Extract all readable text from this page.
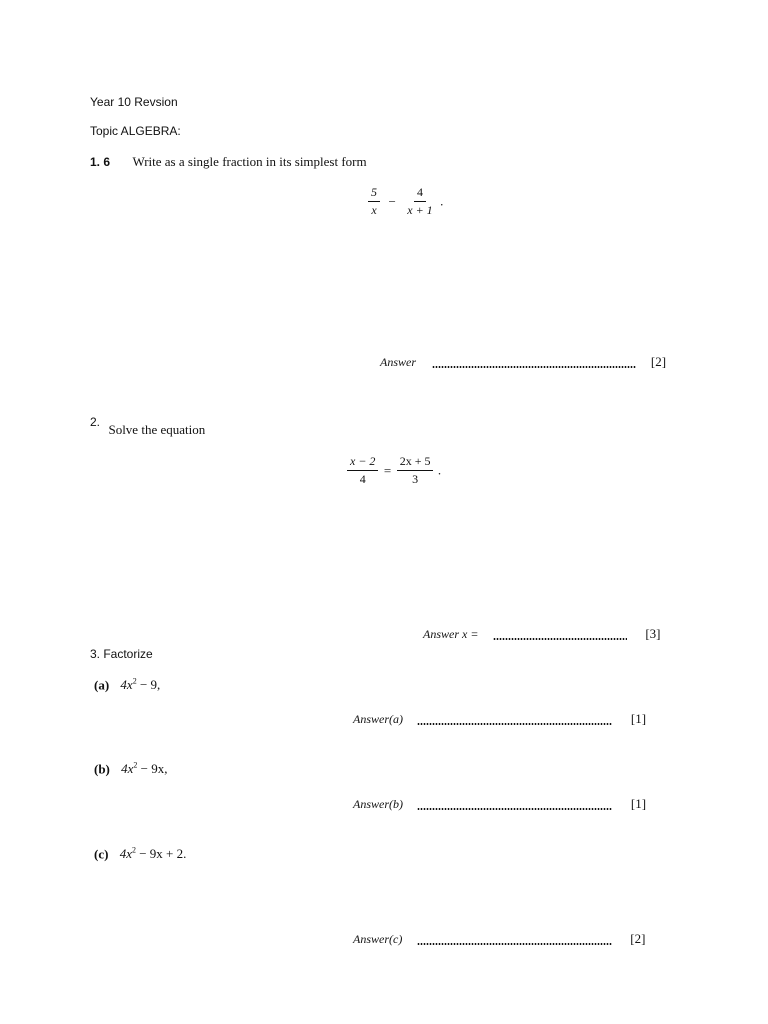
Year 10 Revsion
Topic ALGEBRA:
1. 6 Write as a single fraction in its simplest form
$\frac{5}{x} - \frac{4}{x + 1}$ .
Answer	[2]
$^{2.}$ $_{Solve the equation}$
$\frac{x - 2}{4} = \frac{2x + 5}{3}$ .
Answer x =	[3]
3. Factorize
(a) $4x^2 - 9$,
Answer(a)	[1]
(b) $4x^2 - 9x$,
Answer(b)	[1]
(c) $4x^2 - 9x + 2$.
Answer(c)	[2]
